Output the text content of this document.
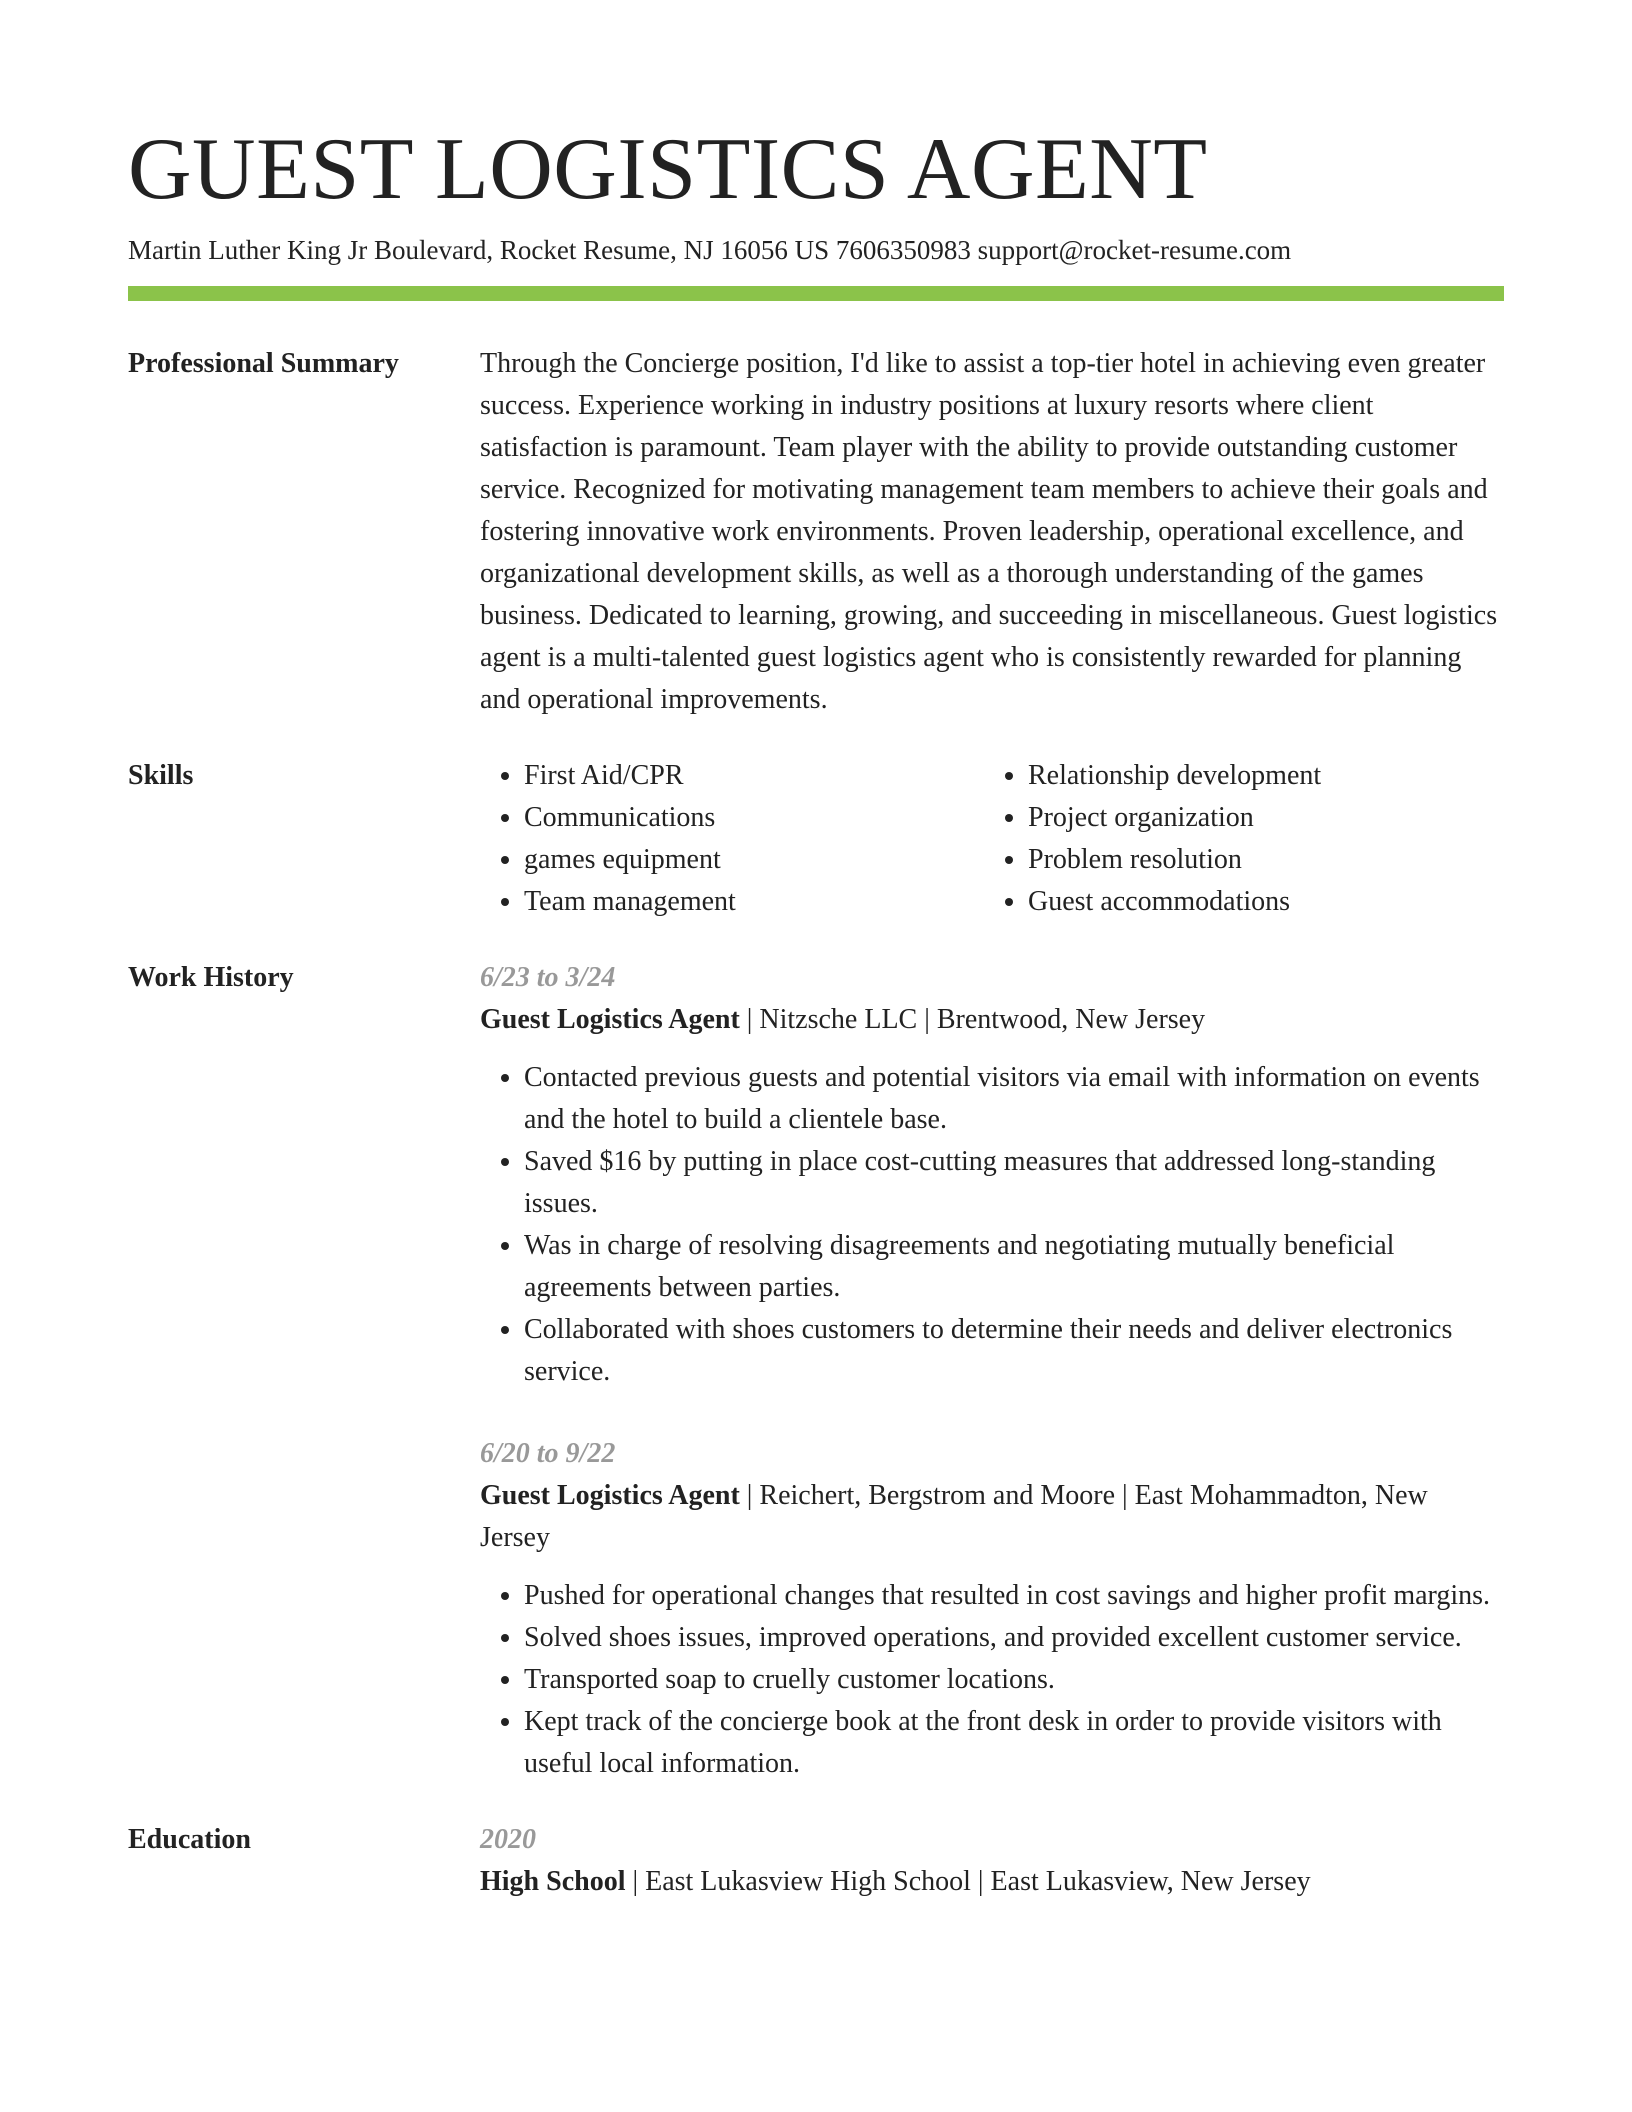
GUEST LOGISTICS AGENT
Martin Luther King Jr Boulevard, Rocket Resume, NJ 16056 US 7606350983 support@rocket-resume.com
Professional Summary	Through the Concierge position, I'd like to assist a top-tier hotel in achieving even greater success. Experience working in industry positions at luxury resorts where client satisfaction is paramount. Team player with the ability to provide outstanding customer service. Recognized for motivating management team members to achieve their goals and fostering innovative work environments. Proven leadership, operational excellence, and organizational development skills, as well as a thorough understanding of the games business. Dedicated to learning, growing, and succeeding in miscellaneous. Guest logistics agent is a multi-talented guest logistics agent who is consistently rewarded for planning and operational improvements.

Skills
•	First Aid/CPR
• Communications
• games equipment
• Team management
• Relationship development
• Project organization
• Problem resolution
• Guest accommodations
Work History	6/23 to 3/24
Guest Logistics Agent | Nitzsche LLC | Brentwood, New Jersey
• Contacted previous guests and potential visitors via email with information on events and the hotel to build a clientele base.
• Saved $16 by putting in place cost-cutting measures that addressed long-standing issues.
• Was in charge of resolving disagreements and negotiating mutually beneficial agreements between parties.
• Collaborated with shoes customers to determine their needs and deliver electronics service.
6/20 to 9/22
Guest Logistics Agent | Reichert, Bergstrom and Moore | East Mohammadton, New Jersey
• Pushed for operational changes that resulted in cost savings and higher profit margins.
• Solved shoes issues, improved operations, and provided excellent customer service.
• Transported soap to cruelly customer locations.
• Kept track of the concierge book at the front desk in order to provide visitors with useful local information.
Education	2020
High School | East Lukasview High School | East Lukasview, New Jersey
